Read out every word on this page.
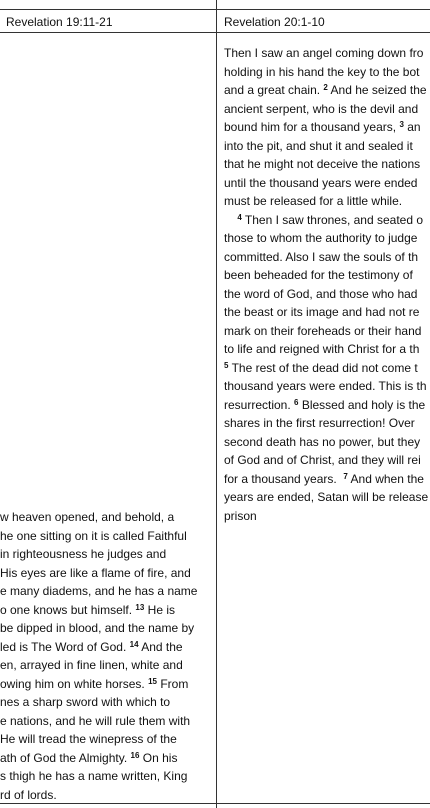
Revelation 19:11-21	Revelation 20:1-10
Then I saw an angel coming down fro
holding in his hand the key to the bot
and a great chain. $^2$ And he seized the
ancient serpent, who is the devil and
bound him for a thousand years, $^3$ an
into the pit, and shut it and sealed it
that he might not deceive the nations
until the thousand years were ended
must be released for a little while.
$^4$ Then I saw thrones, and seated o
those to whom the authority to judge
committed. Also I saw the souls of th
been beheaded for the testimony of
the word of God, and those who had
the beast or its image and had not re
mark on their foreheads or their hand
to life and reigned with Christ for a th
$^5$ The rest of the dead did not come t
thousand years were ended. This is th
resurrection. $^6$ Blessed and holy is the
shares in the first resurrection! Over
second death has no power, but they
of God and of Christ, and they will rei
for a thousand years.  $^7$ And when the
years are ended, Satan will be release
prison
w heaven opened, and behold, a
he one sitting on it is called Faithful
in righteousness he judges and
His eyes are like a flame of fire, and
e many diadems, and he has a name
o one knows but himself. $^{13}$ He is
be dipped in blood, and the name by
led is The Word of God. $^{14}$ And the
en, arrayed in fine linen, white and
owing him on white horses. $^{15}$ From
nes a sharp sword with which to
e nations, and he will rule them with
He will tread the winepress of the
ath of God the Almighty. $^{16}$ On his
s thigh he has a name written, King
rd of lords.
